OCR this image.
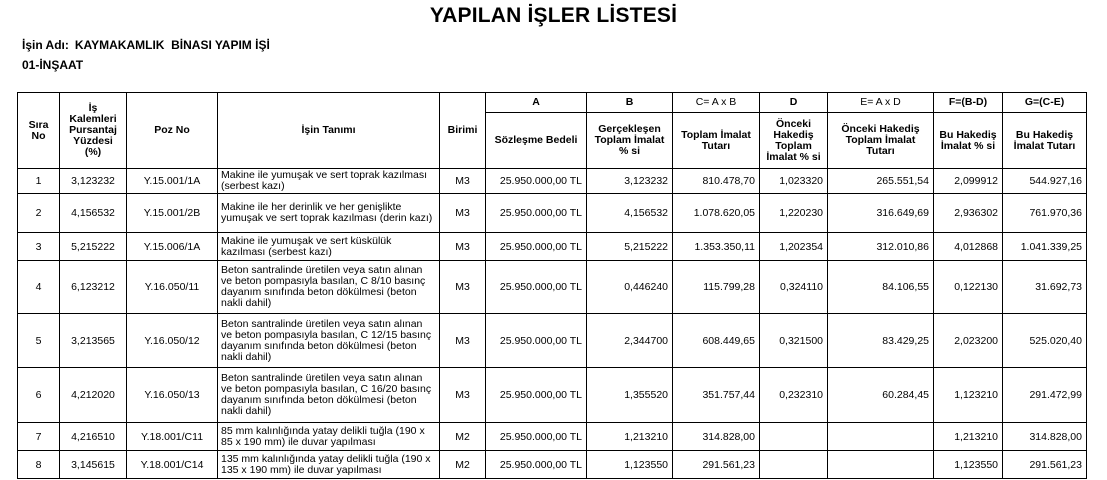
YAPILAN İŞLER LİSTESİ
İşin Adı: KAYMAKAMLIK  BİNASI YAPIM İŞİ
01-İNŞAAT
Sıra No	İş Kalemleri Pursantaj Yüzdesi (%)	Poz No	İşin Tanımı	Birimi	A	B	C= A x B	D	E= A x D	F=(B-D)	G=(C-E)
					Sözleşme Bedeli	Gerçekleşen Toplam İmalat % si	Toplam İmalat Tutarı	Önceki Hakediş Toplam İmalat % si	Önceki Hakediş Toplam İmalat Tutarı	Bu Hakediş İmalat % si	Bu Hakediş İmalat Tutarı
1	3,123232	Y.15.001/1A	Makine ile yumuşak ve sert toprak kazılması (serbest kazı)	M3	25.950.000,00 TL	3,123232	810.478,70	1,023320	265.551,54	2,099912	544.927,16
2	4,156532	Y.15.001/2B	Makine ile her derinlik ve her genişlikte yumuşak ve sert toprak kazılması (derin kazı)	M3	25.950.000,00 TL	4,156532	1.078.620,05	1,220230	316.649,69	2,936302	761.970,36
3	5,215222	Y.15.006/1A	Makine ile yumuşak ve sert küskülük kazılması (serbest kazı)	M3	25.950.000,00 TL	5,215222	1.353.350,11	1,202354	312.010,86	4,012868	1.041.339,25
4	6,123212	Y.16.050/11	Beton santralinde üretilen veya satın alınan ve beton pompasıyla basılan, C 8/10 basınç dayanım sınıfında beton dökülmesi (beton nakli dahil)	M3	25.950.000,00 TL	0,446240	115.799,28	0,324110	84.106,55	0,122130	31.692,73
5	3,213565	Y.16.050/12	Beton santralinde üretilen veya satın alınan ve beton pompasıyla basılan, C 12/15 basınç dayanım sınıfında beton dökülmesi (beton nakli dahil)	M3	25.950.000,00 TL	2,344700	608.449,65	0,321500	83.429,25	2,023200	525.020,40
6	4,212020	Y.16.050/13	Beton santralinde üretilen veya satın alınan ve beton pompasıyla basılan, C 16/20 basınç dayanım sınıfında beton dökülmesi (beton nakli dahil)	M3	25.950.000,00 TL	1,355520	351.757,44	0,232310	60.284,45	1,123210	291.472,99
7	4,216510	Y.18.001/C11	85 mm kalınlığında yatay delikli tuğla (190 x 85 x 190 mm) ile duvar yapılması	M2	25.950.000,00 TL	1,213210	314.828,00			1,213210	314.828,00
8	3,145615	Y.18.001/C14	135 mm kalınlığında yatay delikli tuğla (190 x 135 x 190 mm) ile duvar yapılması	M2	25.950.000,00 TL	1,123550	291.561,23			1,123550	291.561,23
